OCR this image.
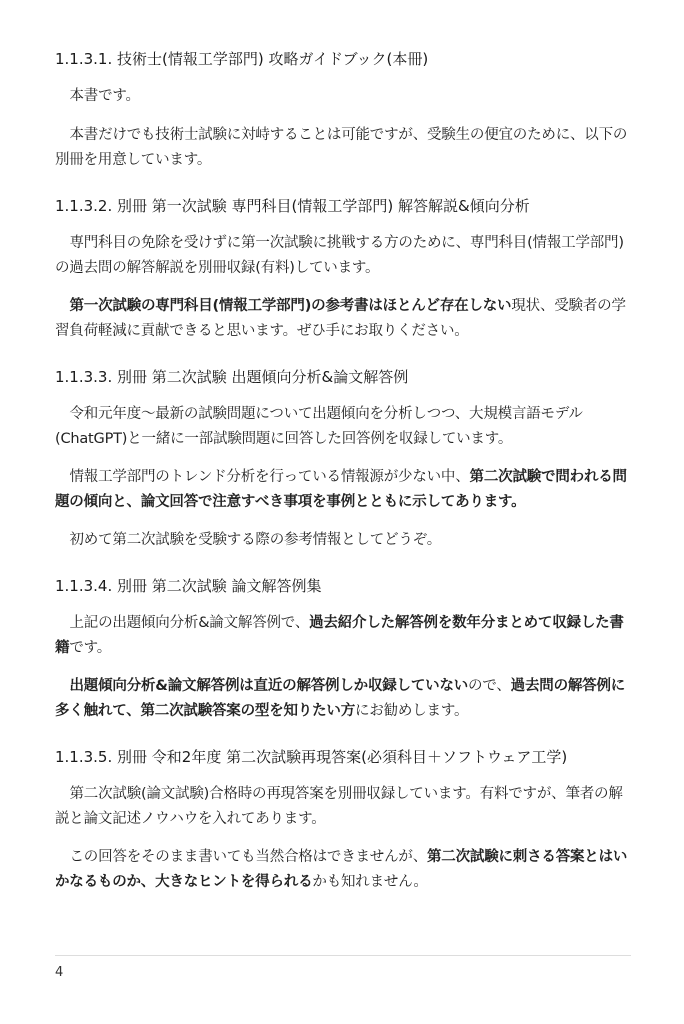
1.1.3.1. 技術士(情報工学部門) 攻略ガイドブック(本冊)

本書です。

本書だけでも技術士試験に対峙することは可能ですが、受験生の便宜のために、以下の別冊を用意しています。

1.1.3.2. 別冊 第一次試験 専門科目(情報工学部門) 解答解説&傾向分析

専門科目の免除を受けずに第一次試験に挑戦する方のために、専門科目(情報工学部門)の過去問の解答解説を別冊収録(有料)しています。

第一次試験の専門科目(情報工学部門)の参考書はほとんど存在しない現状、受験者の学習負荷軽減に貢献できると思います。ぜひ手にお取りください。

1.1.3.3. 別冊 第二次試験 出題傾向分析&論文解答例

令和元年度〜最新の試験問題について出題傾向を分析しつつ、大規模言語モデル(ChatGPT)と一緒に一部試験問題に回答した回答例を収録しています。

情報工学部門のトレンド分析を行っている情報源が少ない中、第二次試験で問われる問題の傾向と、論文回答で注意すべき事項を事例とともに示してあります。

初めて第二次試験を受験する際の参考情報としてどうぞ。

1.1.3.4. 別冊 第二次試験 論文解答例集

上記の出題傾向分析&論文解答例で、過去紹介した解答例を数年分まとめて収録した書籍です。

出題傾向分析&論文解答例は直近の解答例しか収録していないので、過去問の解答例に多く触れて、第二次試験答案の型を知りたい方にお勧めします。

1.1.3.5. 別冊 令和2年度 第二次試験再現答案(必須科目＋ソフトウェア工学)

第二次試験(論文試験)合格時の再現答案を別冊収録しています。有料ですが、筆者の解説と論文記述ノウハウを入れてあります。

この回答をそのまま書いても当然合格はできませんが、第二次試験に刺さる答案とはいかなるものか、大きなヒントを得られるかも知れません。

4
